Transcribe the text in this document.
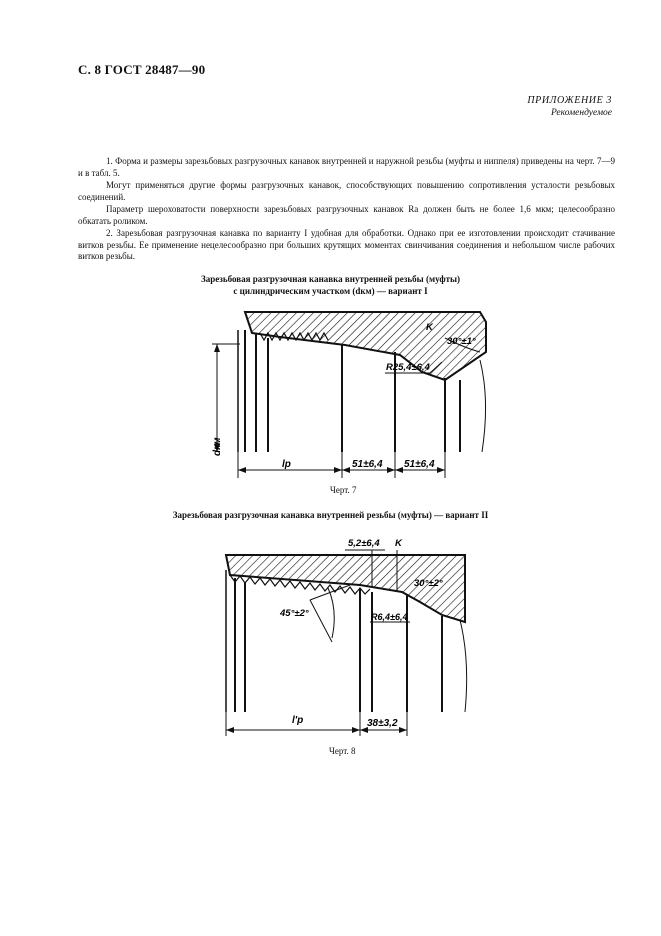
С. 8 ГОСТ 28487—90
ПРИЛОЖЕНИЕ 3
Рекомендуемое
1. Форма и размеры зарезьбовых разгрузочных канавок внутренней и наружной резьбы (муфты и ниппеля) приведены на черт. 7—9 и в табл. 5.
Могут применяться другие формы разгрузочных канавок, способствующих повышению сопротивления усталости резьбовых соединений.
Параметр шероховатости поверхности зарезьбовых разгрузочных канавок Ra должен быть не более 1,6 мкм; целесообразно обкатать роликом.
2. Зарезьбовая разгрузочная канавка по варианту I удобная для обработки. Однако при ее изготовлении происходит стачивание витков резьбы. Ее применение нецелесообразно при больших крутящих моментах свинчивания соединения и небольшом числе рабочих витков резьбы.
Зарезьбовая разгрузочная канавка внутренней резьбы (муфты)
с цилиндрическим участком (dкм) — вариант I
dкм
lp	51±6,4 51±6,4
R25,4±6,4
30°±1°
K
Черт. 7
Зарезьбовая разгрузочная канавка внутренней резьбы (муфты) — вариант II
l'p	38±3,2
5,2±6,4 K
45°±2°
30°±2°
R6,4±6,4
Черт. 8
